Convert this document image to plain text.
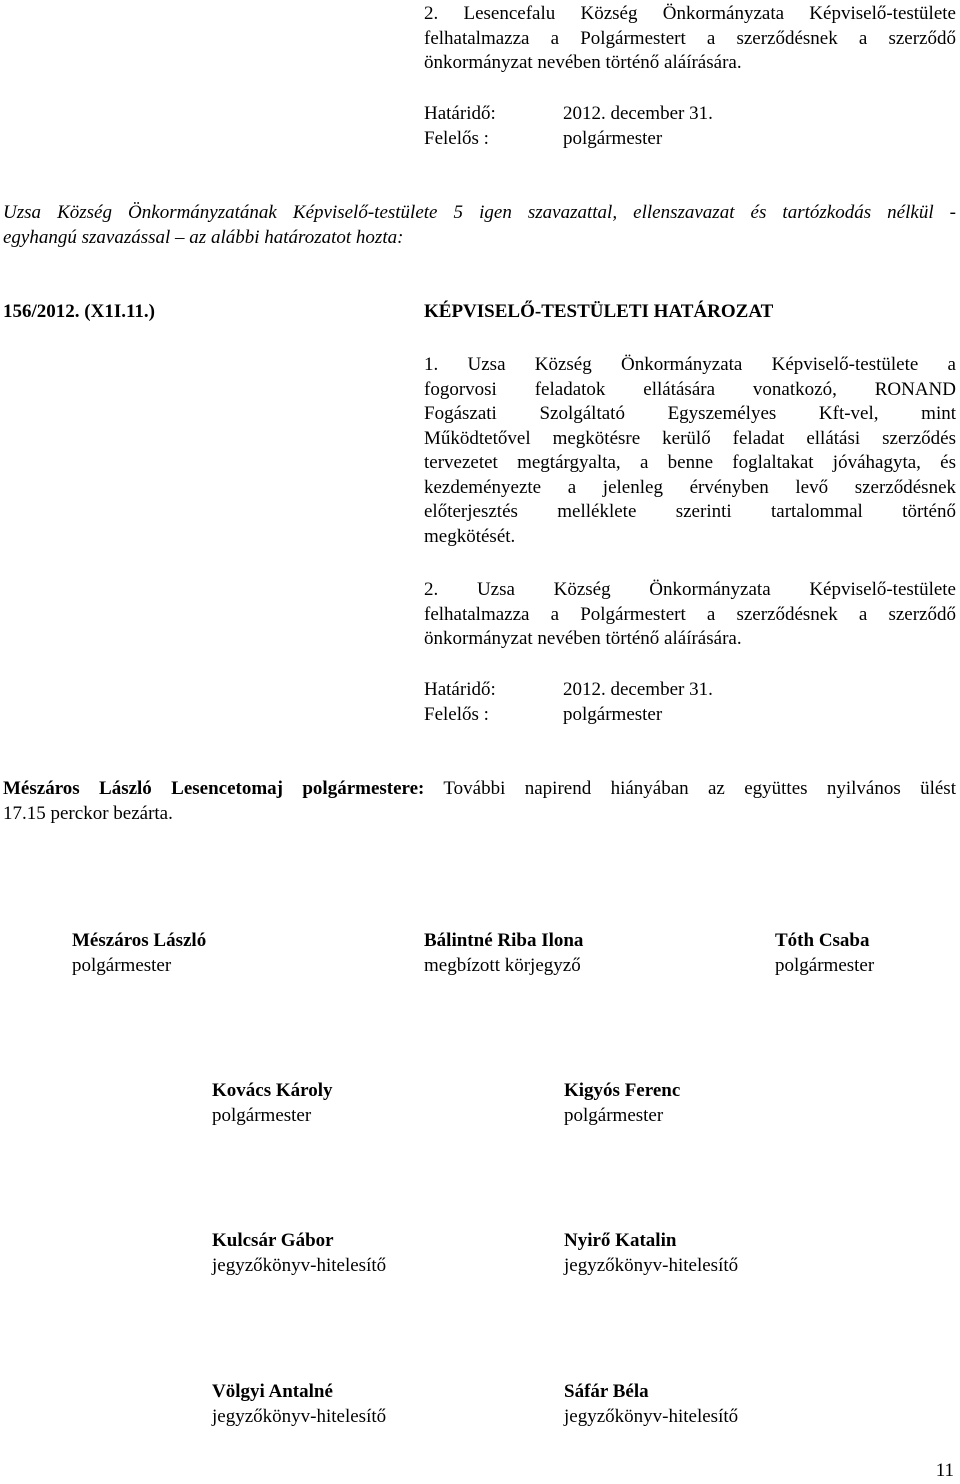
2. Lesencefalu Község Önkormányzata Képviselő-testülete
felhatalmazza a Polgármestert a szerződésnek a szerződő
önkormányzat nevében történő aláírására.
Határidő:	2012. december 31.
Felelős :	polgármester
Uzsa Község Önkormányzatának Képviselő-testülete 5 igen szavazattal, ellenszavazat és tartózkodás nélkül -
egyhangú szavazással – az alábbi határozatot hozta:
156/2012. (X1I.11.)	KÉPVISELŐ-TESTÜLETI HATÁROZAT
1. Uzsa Község Önkormányzata Képviselő-testülete a
fogorvosi feladatok ellátására vonatkozó, RONAND
Fogászati Szolgáltató Egyszemélyes Kft-vel, mint
Működtetővel megkötésre kerülő feladat ellátási szerződés
tervezetet megtárgyalta, a benne foglaltakat jóváhagyta, és
kezdeményezte a jelenleg érvényben levő szerződésnek
előterjesztés melléklete szerinti tartalommal történő
megkötését.
2. Uzsa Község Önkormányzata Képviselő-testülete
felhatalmazza a Polgármestert a szerződésnek a szerződő
önkormányzat nevében történő aláírására.
Határidő:	2012. december 31.
Felelős :	polgármester
Mészáros László Lesencetomaj polgármestere: További napirend hiányában az együttes nyilvános ülést
17.15 perckor bezárta.
Mészáros László
polgármester
Bálintné Riba Ilona
megbízott körjegyző
Tóth Csaba
polgármester
Kovács Károly
polgármester
Kigyós Ferenc
polgármester
Kulcsár Gábor
jegyzőkönyv-hitelesítő
Nyirő Katalin
jegyzőkönyv-hitelesítő
Völgyi Antalné
jegyzőkönyv-hitelesítő
Sáfár Béla
jegyzőkönyv-hitelesítő
11
